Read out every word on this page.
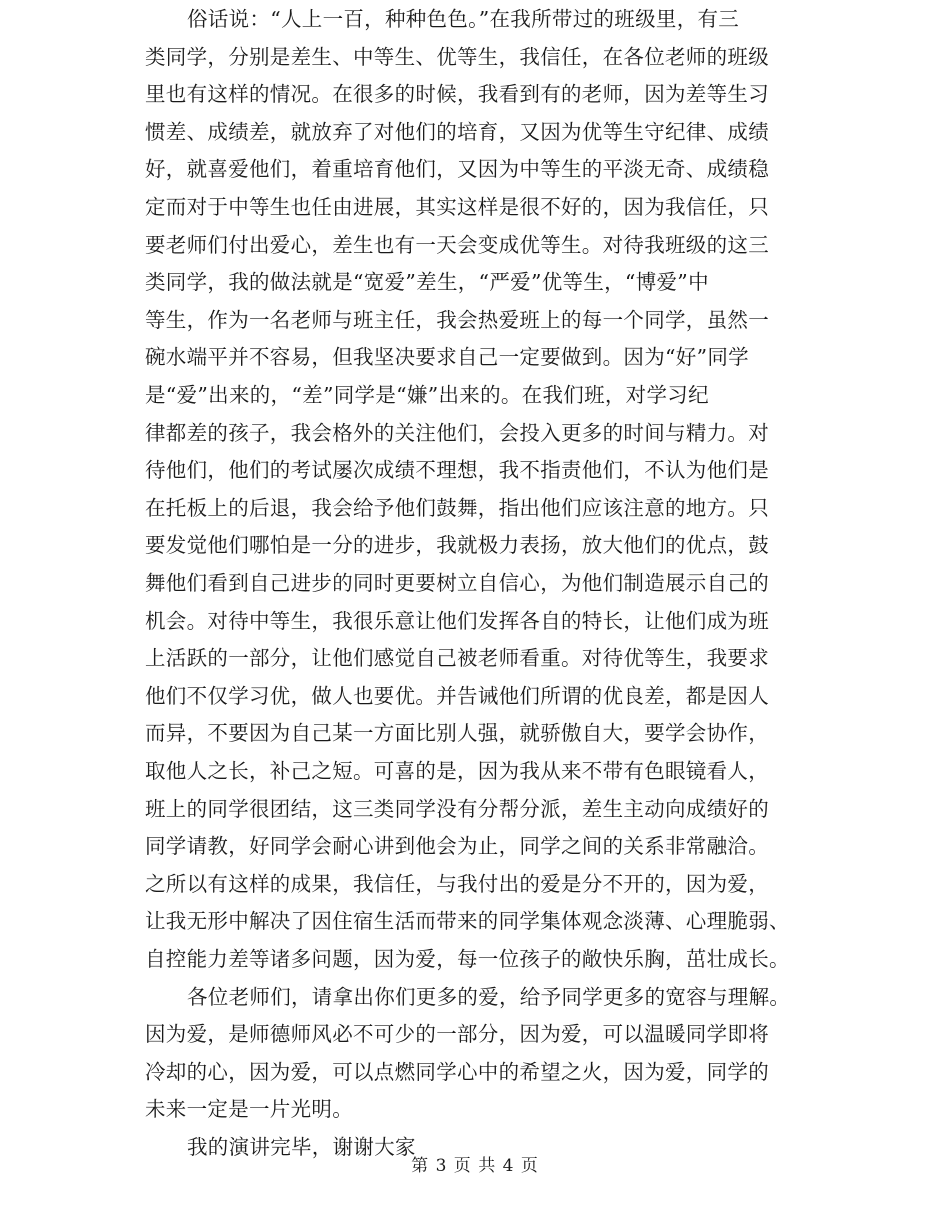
俗话说：“人上一百，种种色色。”在我所带过的班级里，有三
类同学，分别是差生、中等生、优等生，我信任，在各位老师的班级
里也有这样的情况。在很多的时候，我看到有的老师，因为差等生习
惯差、成绩差，就放弃了对他们的培育，又因为优等生守纪律、成绩
好，就喜爱他们，着重培育他们，又因为中等生的平淡无奇、成绩稳
定而对于中等生也任由进展，其实这样是很不好的，因为我信任，只
要老师们付出爱心，差生也有一天会变成优等生。对待我班级的这三
类同学，我的做法就是“宽爱”差生，“严爱”优等生，“博爱”中
等生，作为一名老师与班主任，我会热爱班上的每一个同学，虽然一
碗水端平并不容易，但我坚决要求自己一定要做到。因为“好”同学
是“爱”出来的，“差”同学是“嫌”出来的。在我们班，对学习纪
律都差的孩子，我会格外的关注他们，会投入更多的时间与精力。对
待他们，他们的考试屡次成绩不理想，我不指责他们，不认为他们是
在托板上的后退，我会给予他们鼓舞，指出他们应该注意的地方。只
要发觉他们哪怕是一分的进步，我就极力表扬，放大他们的优点，鼓
舞他们看到自己进步的同时更要树立自信心，为他们制造展示自己的
机会。对待中等生，我很乐意让他们发挥各自的特长，让他们成为班
上活跃的一部分，让他们感觉自己被老师看重。对待优等生，我要求
他们不仅学习优，做人也要优。并告诫他们所谓的优良差，都是因人
而异，不要因为自己某一方面比别人强，就骄傲自大，要学会协作，
取他人之长，补己之短。可喜的是，因为我从来不带有色眼镜看人，
班上的同学很团结，这三类同学没有分帮分派，差生主动向成绩好的
同学请教，好同学会耐心讲到他会为止，同学之间的关系非常融洽。
之所以有这样的成果，我信任，与我付出的爱是分不开的，因为爱，
让我无形中解决了因住宿生活而带来的同学集体观念淡薄、心理脆弱、
自控能力差等诸多问题，因为爱，每一位孩子的敞快乐胸，茁壮成长。
各位老师们，请拿出你们更多的爱，给予同学更多的宽容与理解。
因为爱，是师德师风必不可少的一部分，因为爱，可以温暖同学即将
冷却的心，因为爱，可以点燃同学心中的希望之火，因为爱，同学的
未来一定是一片光明。
我的演讲完毕，谢谢大家
第 3 页 共 4 页
